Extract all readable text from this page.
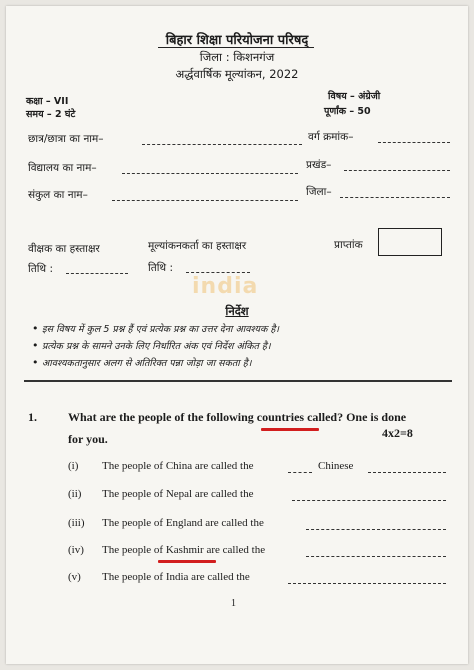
बिहार शिक्षा परियोजना परिषद्
जिला : किशनगंज
अर्द्धवार्षिक मूल्यांकन, 2022
कक्षा – VII
समय – 2 घंटे
विषय – अंग्रेजी
पूर्णांक – 50
छात्र/छात्रा का नाम–	वर्ग क्रमांक–
विद्यालय का नाम–	प्रखंड–
संकुल का नाम–	जिला–
वीक्षक का हस्ताक्षर	मूल्यांकनकर्ता का हस्ताक्षर	प्राप्तांक
तिथि :	तिथि :
india
निर्देश
• इस विषय में कुल 5 प्रश्न हैं एवं प्रत्येक प्रश्न का उत्तर देना आवश्यक है।
• प्रत्येक प्रश्न के सामने उनके लिए निर्धारित अंक एवं निर्देश अंकित है।
• आवश्यकतानुसार अलग से अतिरिक्त पन्ना जोड़ा जा सकता है।
1.	What are the people of the following countries called? One is done
for you.	4x2=8
(i) The people of China are called the	Chinese
(ii) The people of Nepal are called the
(iii) The people of England are called the
(iv) The people of Kashmir are called the
(v) The people of India are called the
1
